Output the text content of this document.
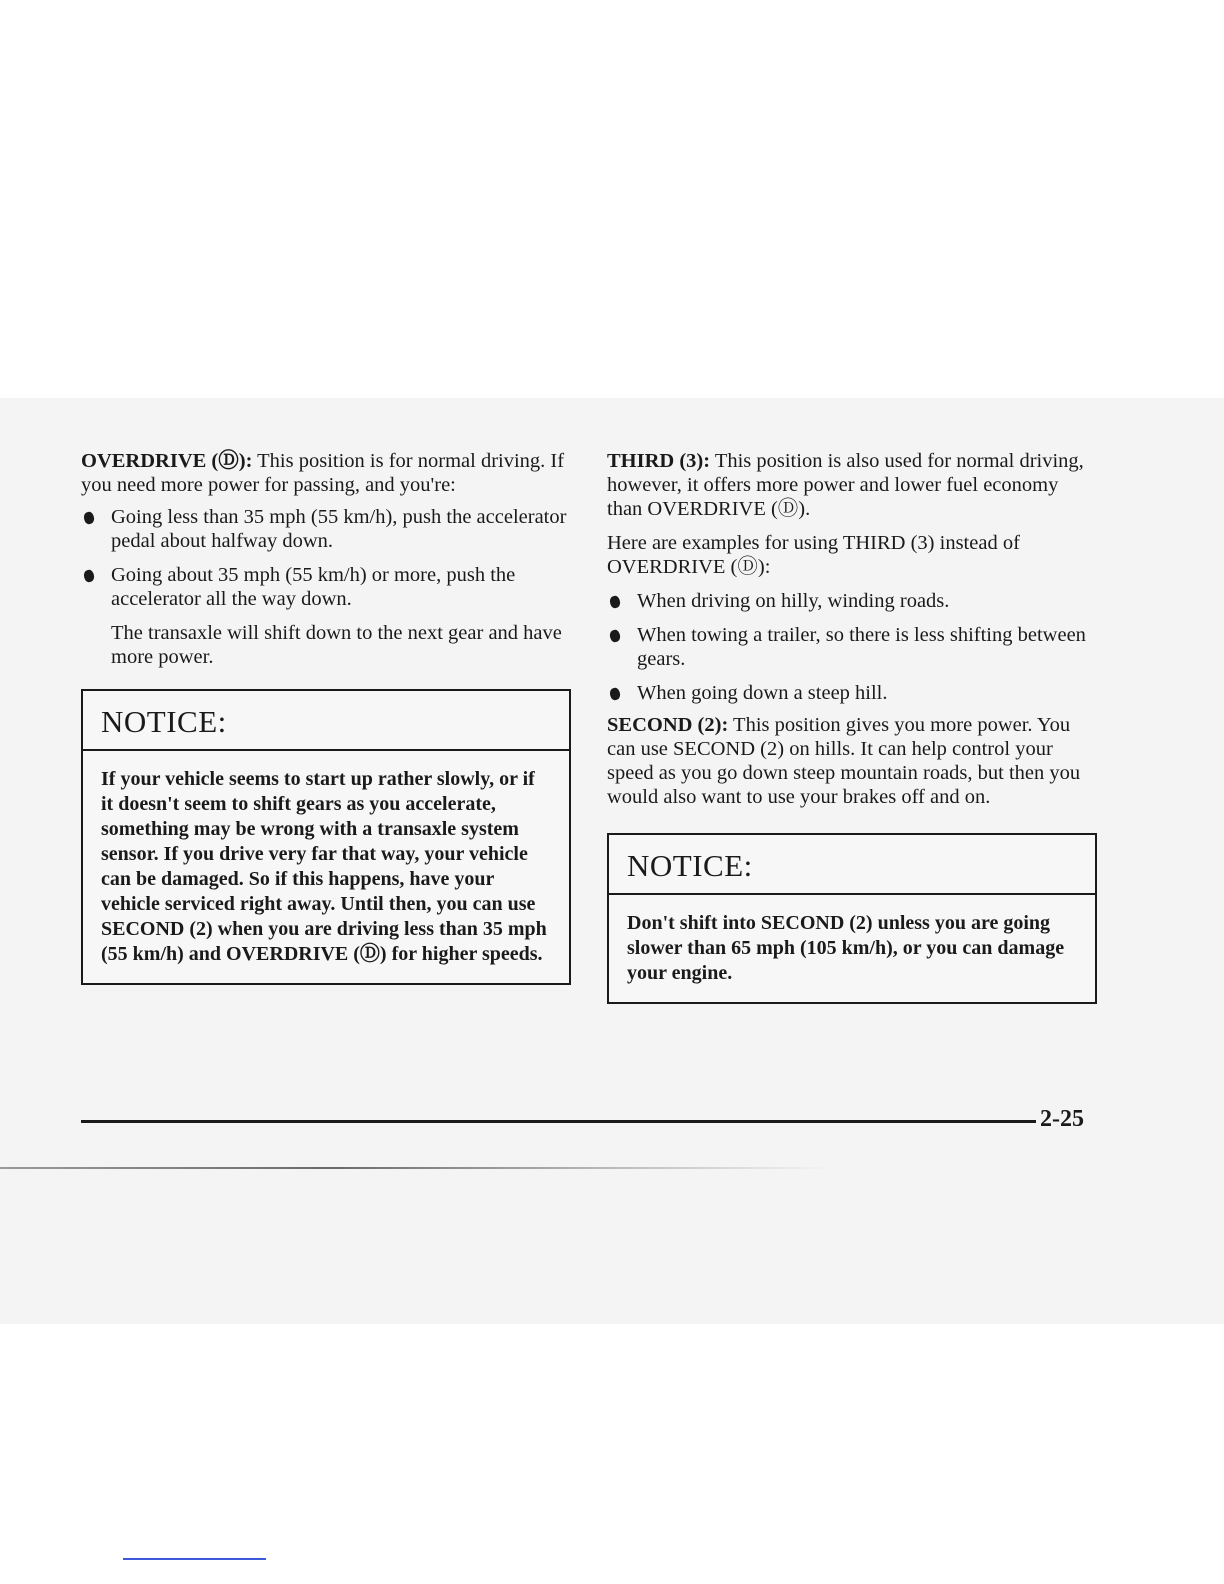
OVERDRIVE (Ⓓ): This position is for normal driving. If you need more power for passing, and you're:

Going less than 35 mph (55 km/h), push the accelerator pedal about halfway down.
Going about 35 mph (55 km/h) or more, push the accelerator all the way down.

The transaxle will shift down to the next gear and have more power.

NOTICE:
If your vehicle seems to start up rather slowly, or if it doesn't seem to shift gears as you accelerate, something may be wrong with a transaxle system sensor. If you drive very far that way, your vehicle can be damaged. So if this happens, have your vehicle serviced right away. Until then, you can use SECOND (2) when you are driving less than 35 mph (55 km/h) and OVERDRIVE (Ⓓ) for higher speeds.

THIRD (3): This position is also used for normal driving, however, it offers more power and lower fuel economy than OVERDRIVE (Ⓓ).

Here are examples for using THIRD (3) instead of OVERDRIVE (Ⓓ):

When driving on hilly, winding roads.
When towing a trailer, so there is less shifting between gears.
When going down a steep hill.

SECOND (2): This position gives you more power. You can use SECOND (2) on hills. It can help control your speed as you go down steep mountain roads, but then you would also want to use your brakes off and on.

NOTICE:
Don't shift into SECOND (2) unless you are going slower than 65 mph (105 km/h), or you can damage your engine.
2-25
